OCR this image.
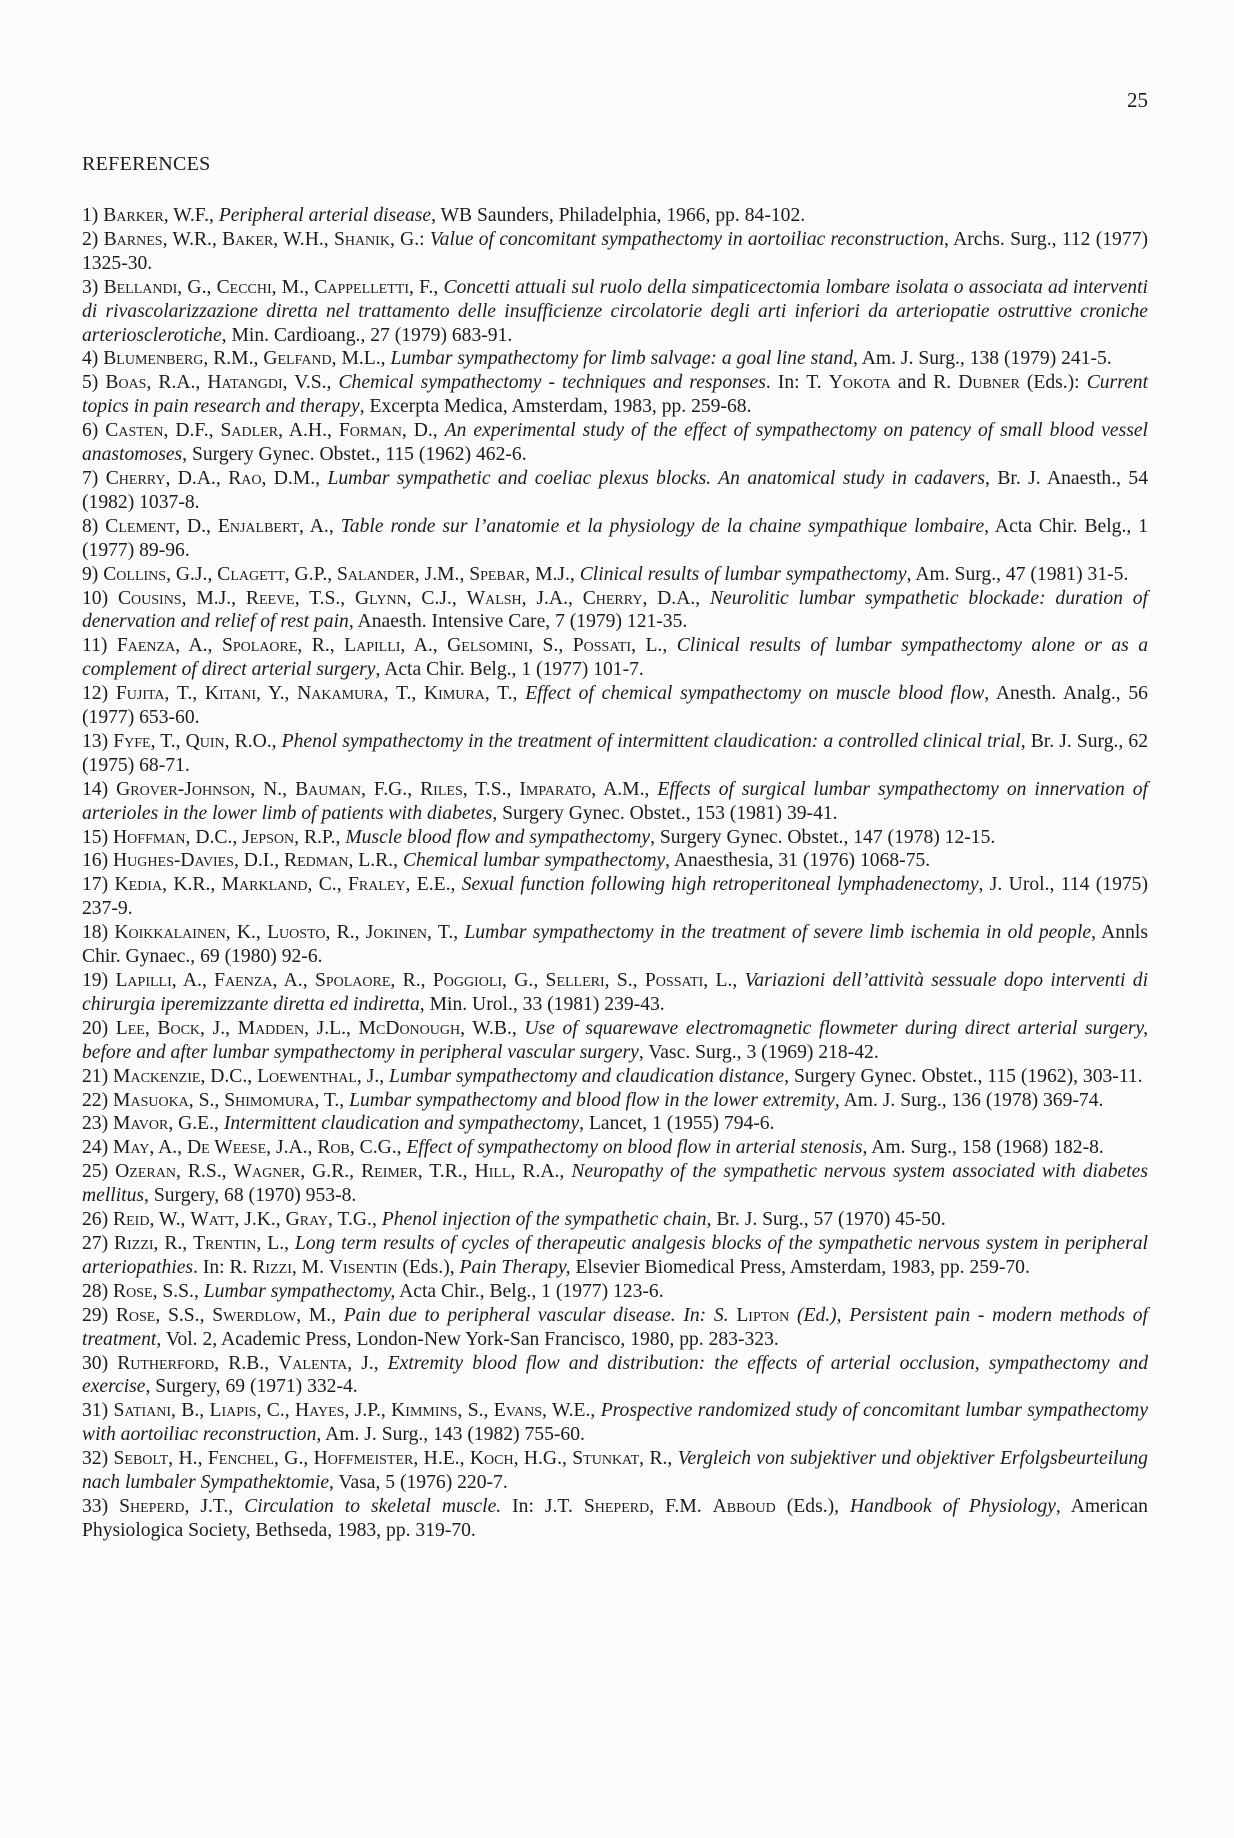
25
REFERENCES
1) Barker, W.F., Peripheral arterial disease, WB Saunders, Philadelphia, 1966, pp. 84-102.
2) Barnes, W.R., Baker, W.H., Shanik, G.: Value of concomitant sympathectomy in aortoiliac reconstruction, Archs. Surg., 112 (1977) 1325-30.
3) Bellandi, G., Cecchi, M., Cappelletti, F., Concetti attuali sul ruolo della simpaticectomia lombare isolata o associata ad interventi di rivascolarizzazione diretta nel trattamento delle insufficienze circolatorie degli arti inferiori da arteriopatie ostruttive croniche arteriosclerotiche, Min. Cardioang., 27 (1979) 683-91.
4) Blumenberg, R.M., Gelfand, M.L., Lumbar sympathectomy for limb salvage: a goal line stand, Am. J. Surg., 138 (1979) 241-5.
5) Boas, R.A., Hatangdi, V.S., Chemical sympathectomy - techniques and responses. In: T. Yokota and R. Dubner (Eds.): Current topics in pain research and therapy, Excerpta Medica, Amsterdam, 1983, pp. 259-68.
6) Casten, D.F., Sadler, A.H., Forman, D., An experimental study of the effect of sympathectomy on patency of small blood vessel anastomoses, Surgery Gynec. Obstet., 115 (1962) 462-6.
7) Cherry, D.A., Rao, D.M., Lumbar sympathetic and coeliac plexus blocks. An anatomical study in cadavers, Br. J. Anaesth., 54 (1982) 1037-8.
8) Clement, D., Enjalbert, A., Table ronde sur l’anatomie et la physiology de la chaine sympathique lombaire, Acta Chir. Belg., 1 (1977) 89-96.
9) Collins, G.J., Clagett, G.P., Salander, J.M., Spebar, M.J., Clinical results of lumbar sympathectomy, Am. Surg., 47 (1981) 31-5.
10) Cousins, M.J., Reeve, T.S., Glynn, C.J., Walsh, J.A., Cherry, D.A., Neurolitic lumbar sympathetic blockade: duration of denervation and relief of rest pain, Anaesth. Intensive Care, 7 (1979) 121-35.
11) Faenza, A., Spolaore, R., Lapilli, A., Gelsomini, S., Possati, L., Clinical results of lumbar sympathectomy alone or as a complement of direct arterial surgery, Acta Chir. Belg., 1 (1977) 101-7.
12) Fujita, T., Kitani, Y., Nakamura, T., Kimura, T., Effect of chemical sympathectomy on muscle blood flow, Anesth. Analg., 56 (1977) 653-60.
13) Fyfe, T., Quin, R.O., Phenol sympathectomy in the treatment of intermittent claudication: a controlled clinical trial, Br. J. Surg., 62 (1975) 68-71.
14) Grover-Johnson, N., Bauman, F.G., Riles, T.S., Imparato, A.M., Effects of surgical lumbar sympathectomy on innervation of arterioles in the lower limb of patients with diabetes, Surgery Gynec. Obstet., 153 (1981) 39-41.
15) Hoffman, D.C., Jepson, R.P., Muscle blood flow and sympathectomy, Surgery Gynec. Obstet., 147 (1978) 12-15.
16) Hughes-Davies, D.I., Redman, L.R., Chemical lumbar sympathectomy, Anaesthesia, 31 (1976) 1068-75.
17) Kedia, K.R., Markland, C., Fraley, E.E., Sexual function following high retroperitoneal lymphadenectomy, J. Urol., 114 (1975) 237-9.
18) Koikkalainen, K., Luosto, R., Jokinen, T., Lumbar sympathectomy in the treatment of severe limb ischemia in old people, Annls Chir. Gynaec., 69 (1980) 92-6.
19) Lapilli, A., Faenza, A., Spolaore, R., Poggioli, G., Selleri, S., Possati, L., Variazioni dell’attività sessuale dopo interventi di chirurgia iperemizzante diretta ed indiretta, Min. Urol., 33 (1981) 239-43.
20) Lee, Bock, J., Madden, J.L., McDonough, W.B., Use of squarewave electromagnetic flowmeter during direct arterial surgery, before and after lumbar sympathectomy in peripheral vascular surgery, Vasc. Surg., 3 (1969) 218-42.
21) Mackenzie, D.C., Loewenthal, J., Lumbar sympathectomy and claudication distance, Surgery Gynec. Obstet., 115 (1962), 303-11.
22) Masuoka, S., Shimomura, T., Lumbar sympathectomy and blood flow in the lower extremity, Am. J. Surg., 136 (1978) 369-74.
23) Mavor, G.E., Intermittent claudication and sympathectomy, Lancet, 1 (1955) 794-6.
24) May, A., De Weese, J.A., Rob, C.G., Effect of sympathectomy on blood flow in arterial stenosis, Am. Surg., 158 (1968) 182-8.
25) Ozeran, R.S., Wagner, G.R., Reimer, T.R., Hill, R.A., Neuropathy of the sympathetic nervous system associated with diabetes mellitus, Surgery, 68 (1970) 953-8.
26) Reid, W., Watt, J.K., Gray, T.G., Phenol injection of the sympathetic chain, Br. J. Surg., 57 (1970) 45-50.
27) Rizzi, R., Trentin, L., Long term results of cycles of therapeutic analgesis blocks of the sympathetic nervous system in peripheral arteriopathies. In: R. Rizzi, M. Visentin (Eds.), Pain Therapy, Elsevier Biomedical Press, Amsterdam, 1983, pp. 259-70.
28) Rose, S.S., Lumbar sympathectomy, Acta Chir., Belg., 1 (1977) 123-6.
29) Rose, S.S., Swerdlow, M., Pain due to peripheral vascular disease. In: S. Lipton (Ed.), Persistent pain - modern methods of treatment, Vol. 2, Academic Press, London-New York-San Francisco, 1980, pp. 283-323.
30) Rutherford, R.B., Valenta, J., Extremity blood flow and distribution: the effects of arterial occlusion, sympathectomy and exercise, Surgery, 69 (1971) 332-4.
31) Satiani, B., Liapis, C., Hayes, J.P., Kimmins, S., Evans, W.E., Prospective randomized study of concomitant lumbar sympathectomy with aortoiliac reconstruction, Am. J. Surg., 143 (1982) 755-60.
32) Sebolt, H., Fenchel, G., Hoffmeister, H.E., Koch, H.G., Stunkat, R., Vergleich von subjektiver und objektiver Erfolgsbeurteilung nach lumbaler Sympathektomie, Vasa, 5 (1976) 220-7.
33) Sheperd, J.T., Circulation to skeletal muscle. In: J.T. Sheperd, F.M. Abboud (Eds.), Handbook of Physiology, American Physiologica Society, Bethseda, 1983, pp. 319-70.
